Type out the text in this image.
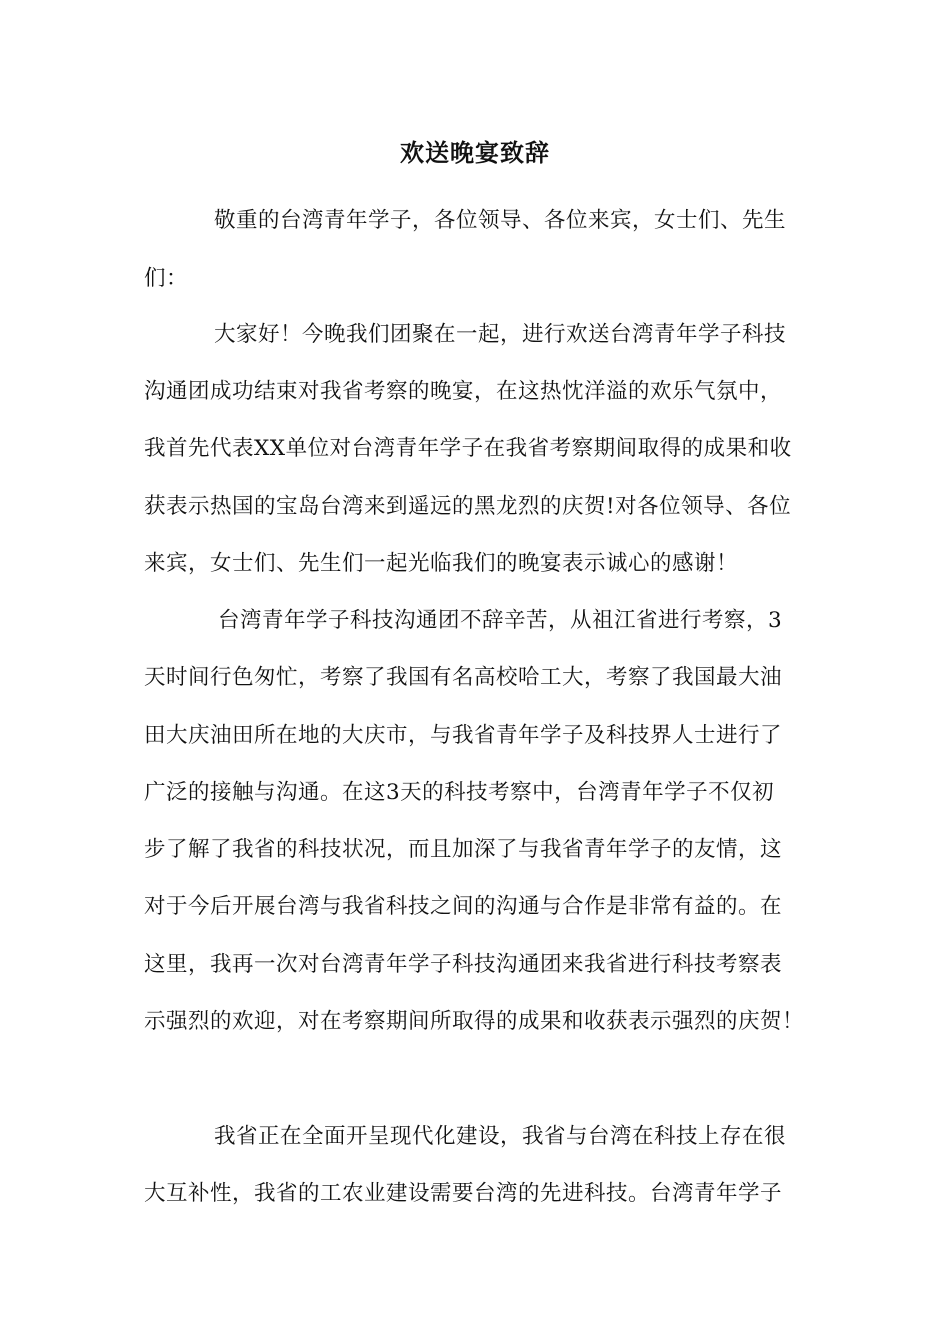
欢送晚宴致辞
敬重的台湾青年学子，各位领导、各位来宾，女士们、先生
们：
大家好！今晚我们团聚在一起，进行欢送台湾青年学子科技
沟通团成功结束对我省考察的晚宴，在这热忱洋溢的欢乐气氛中，
我首先代表XX单位对台湾青年学子在我省考察期间取得的成果和收
获表示热国的宝岛台湾来到遥远的黑龙烈的庆贺!对各位领导、各位
来宾，女士们、先生们一起光临我们的晚宴表示诚心的感谢！
台湾青年学子科技沟通团不辞辛苦，从祖江省进行考察，3
天时间行色匆忙，考察了我国有名高校哈工大，考察了我国最大油
田大庆油田所在地的大庆市，与我省青年学子及科技界人士进行了
广泛的接触与沟通。在这3天的科技考察中，台湾青年学子不仅初
步了解了我省的科技状况，而且加深了与我省青年学子的友情，这
对于今后开展台湾与我省科技之间的沟通与合作是非常有益的。在
这里，我再一次对台湾青年学子科技沟通团来我省进行科技考察表
示强烈的欢迎，对在考察期间所取得的成果和收获表示强烈的庆贺！
我省正在全面开呈现代化建设，我省与台湾在科技上存在很
大互补性，我省的工农业建设需要台湾的先进科技。台湾青年学子
